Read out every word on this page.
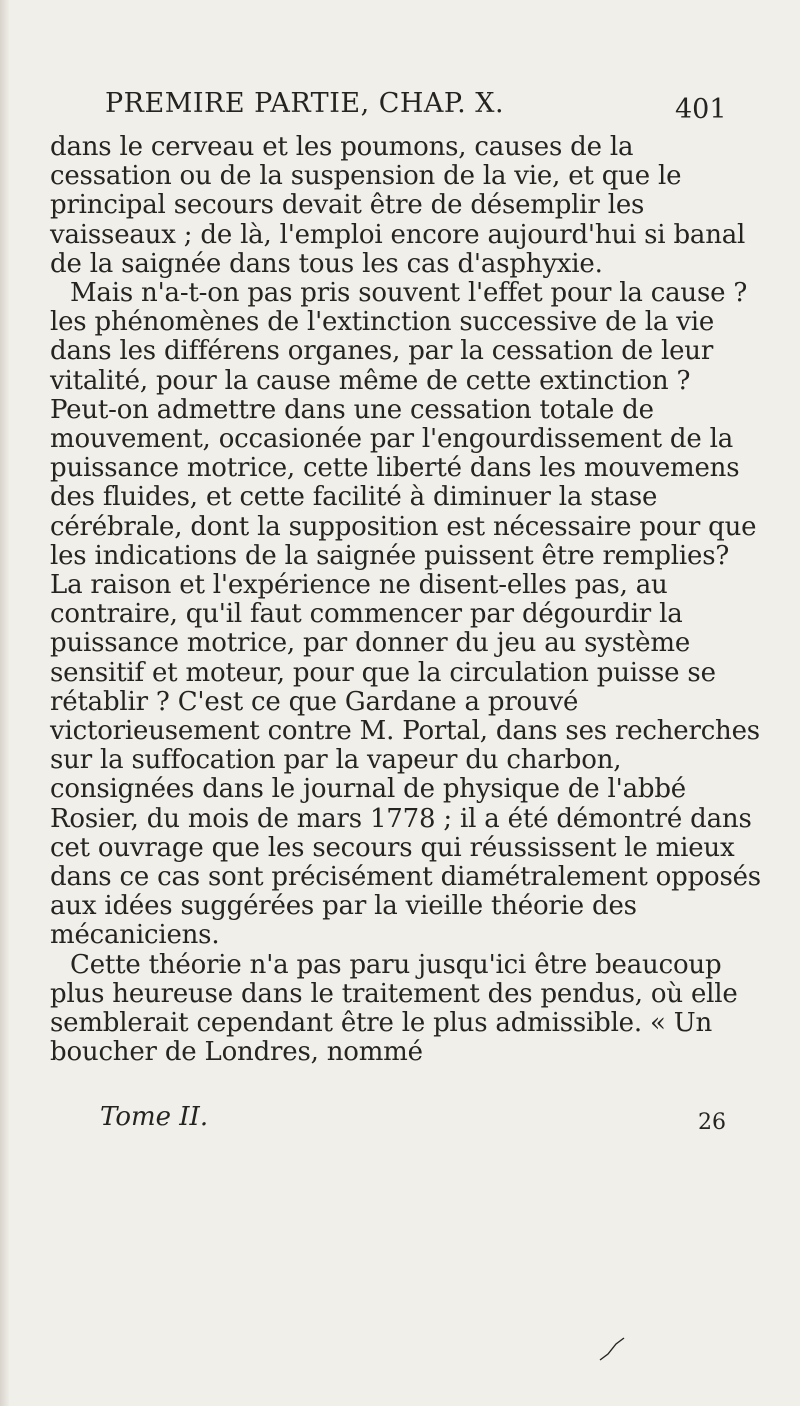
PREMIRE PARTIE, CHAP. X.	401

dans le cerveau et les poumons, causes de la cessation ou de la suspension de la vie, et que le principal secours devait être de désemplir les vaisseaux ; de là, l'emploi encore aujourd'hui si banal de la saignée dans tous les cas d'asphyxie.

Mais n'a-t-on pas pris souvent l'effet pour la cause ? les phénomènes de l'extinction successive de la vie dans les différens organes, par la cessation de leur vitalité, pour la cause même de cette extinction ? Peut-on admettre dans une cessation totale de mouvement, occasionée par l'engourdissement de la puissance motrice, cette liberté dans les mouvemens des fluides, et cette facilité à diminuer la stase cérébrale, dont la supposition est nécessaire pour que les indications de la saignée puissent être remplies? La raison et l'expérience ne disent-elles pas, au contraire, qu'il faut commencer par dégourdir la puissance motrice, par donner du jeu au système sensitif et moteur, pour que la circulation puisse se rétablir ? C'est ce que Gardane a prouvé victorieusement contre M. Portal, dans ses recherches sur la suffocation par la vapeur du charbon, consignées dans le journal de physique de l'abbé Rosier, du mois de mars 1778 ; il a été démontré dans cet ouvrage que les secours qui réussissent le mieux dans ce cas sont précisément diamétralement opposés aux idées suggérées par la vieille théorie des mécaniciens.

Cette théorie n'a pas paru jusqu'ici être beaucoup plus heureuse dans le traitement des pendus, où elle semblerait cependant être le plus admissible. « Un boucher de Londres, nommé

Tome II.	26
